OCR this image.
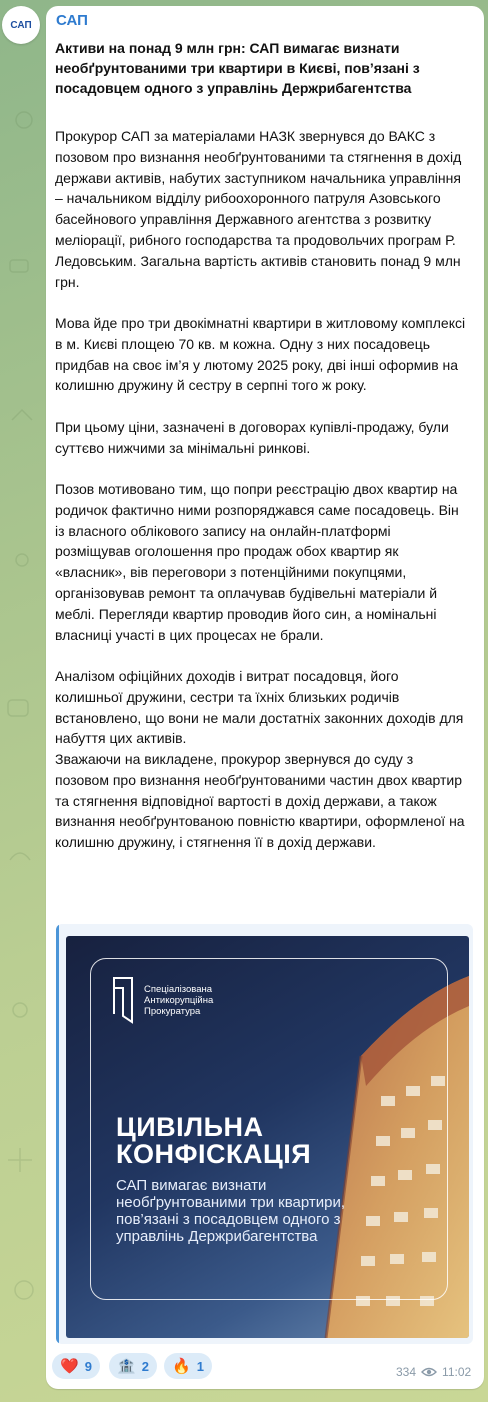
САП САП

Активи на понад 9 млн грн: САП вимагає визнати необґрунтованими три квартири в Києві, пов’язані з посадовцем одного з управлінь Держрибагентства

Прокурор САП за матеріалами НАЗК звернувся до ВАКС з позовом про визнання необґрунтованими та стягнення в дохід держави активів, набутих заступником начальника управління – начальником відділу рибоохоронного патруля Азовського басейнового управління Державного агентства з розвитку меліорації, рибного господарства та продовольчих програм Р. Ледовським. Загальна вартість активів становить понад 9 млн грн.

Мова йде про три двокімнатні квартири в житловому комплексі в м. Києві площею 70 кв. м кожна. Одну з них посадовець придбав на своє ім’я у лютому 2025 року, дві інші оформив на колишню дружину й сестру в серпні того ж року.

При цьому ціни, зазначені в договорах купівлі-продажу, були суттєво нижчими за мінімальні ринкові.

Позов мотивовано тим, що попри реєстрацію двох квартир на родичок фактично ними розпоряджався саме посадовець. Він із власного облікового запису на онлайн-платформі розміщував оголошення про продаж обох квартир як «власник», вів переговори з потенційними покупцями, організовував ремонт та оплачував будівельні матеріали й меблі. Перегляди квартир проводив його син, а номінальні власниці участі в цих процесах не брали.

Аналізом офіційних доходів і витрат посадовця, його колишньої дружини, сестри та їхніх близьких родичів встановлено, що вони не мали достатніх законних доходів для набуття цих активів.

Зважаючи на викладене, прокурор звернувся до суду з позовом про визнання необґрунтованими частин двох квартир та стягнення відповідної вартості в дохід держави, а також визнання необґрунтованою повністю квартири, оформленої на колишню дружину, і стягнення її в дохід держави.

Спеціалізована
Антикорупційна
Прокуратура
ЦИВІЛЬНА
КОНФІСКАЦІЯ
САП вимагає визнати необґрунтованими три квартири, пов’язані з посадовцем одного з управлінь Держрибагентства
❤️ 9 🏦 2 🔥 1	334 11:02
